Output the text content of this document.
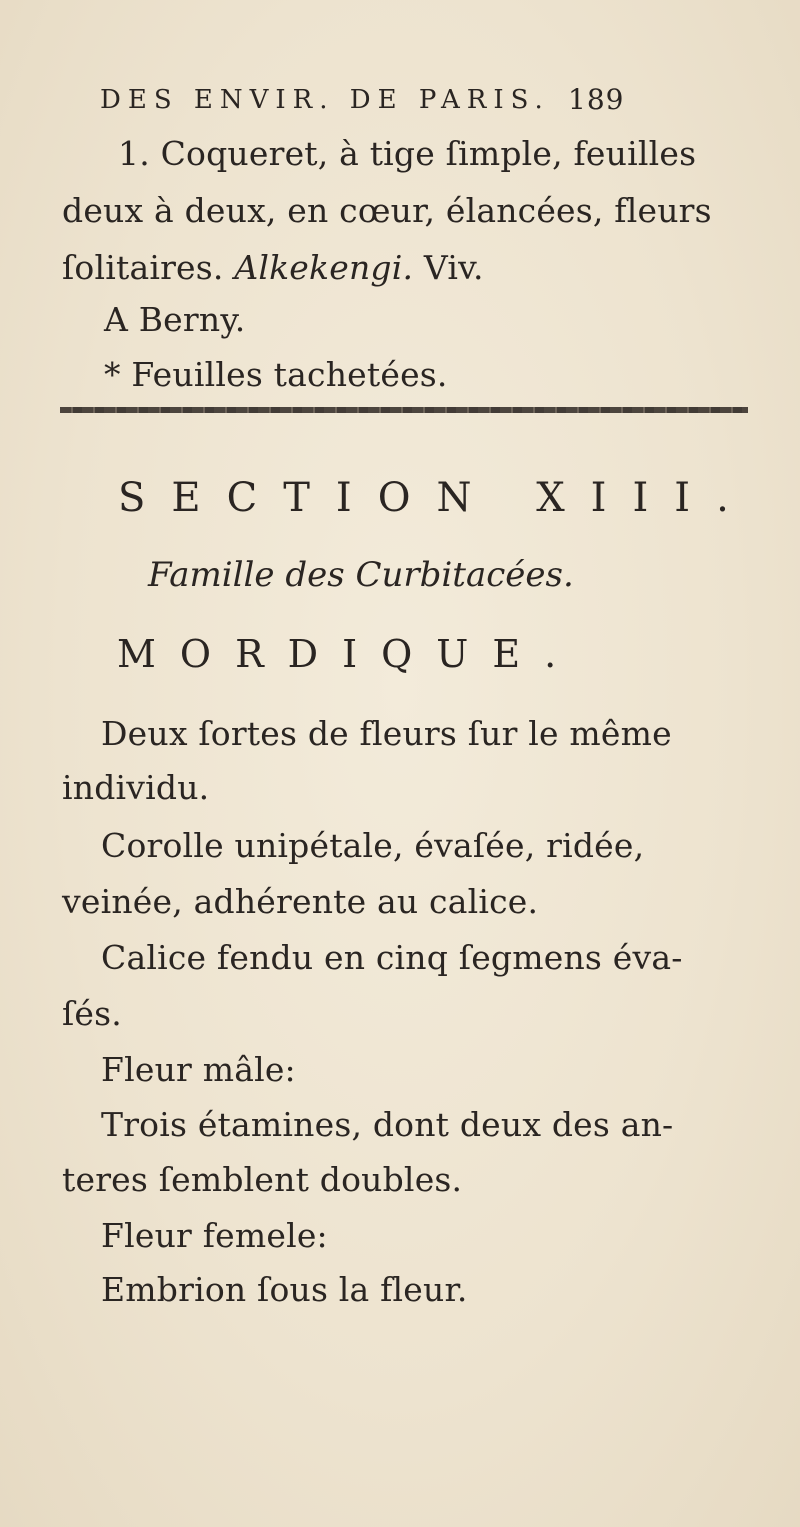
DES ENVIR. DE PARIS. 189
1. Coqueret, à tige ſimple, feuilles
deux à deux, en cœur, élancées, fleurs
ſolitaires. Alkekengi. Viv.
A Berny.
* Feuilles tachetées.
SECTION XIII.
Famille des Curbitacées.
MORDIQUE.
Deux ſortes de fleurs ſur le même
individu.
Corolle unipétale, évaſée, ridée,
veinée, adhérente au calice.
Calice fendu en cinq ſegmens éva-
ſés.
Fleur mâle:
Trois étamines, dont deux des an-
teres ſemblent doubles.
Fleur femele:
Embrion ſous la fleur.
